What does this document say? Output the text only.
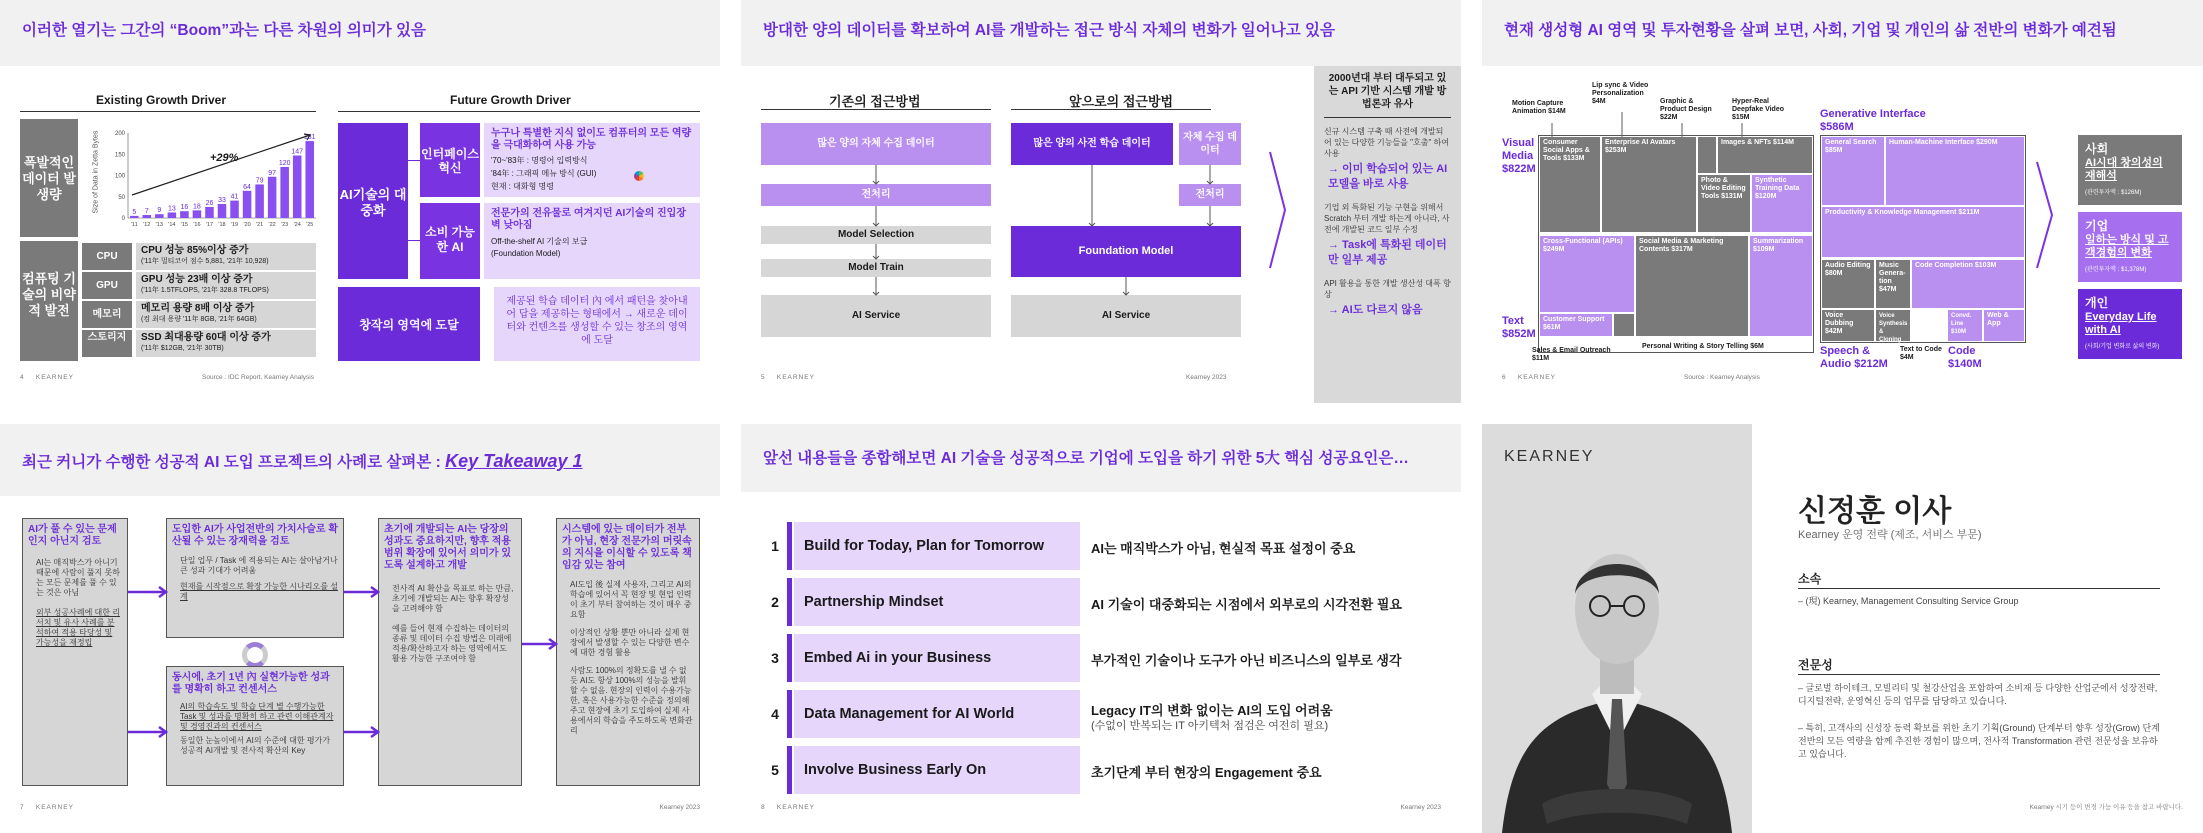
이러한 열기는 그간의 “Boom”과는 다른 차원의 의미가 있음
Existing Growth Driver	Future Growth Driver
폭발적인 데이터 발생량
컴퓨팅 기술의 비약적 발전
Size of Data in Zetta Bytes
0
50
100
150
200
5
'11
7
'12
9
'13
13
'14
16
'15
18
'16
26
'17
33
'18
41
'19
64
'20
79
'21
97
'22
120
'23
147
'24
181
'25
+29%
CPU
CPU 성능 85%이상 증가
('11年 멀티코어 점수 5,881, '21年 10,928)
GPU
GPU 성능 23배 이상 증가
('11年 1.5TFLOPS, '21年 328.8 TFLOPS)
메모리
메모리 용량 8배 이상 증가
(컴 최대 용량 '11年 8GB, '21年 64GB)
스토리지	SSD 최대용량 60대 이상 증가
('11年 $12GB, '21年 30TB)
AI기술의 대중화
인터페이스 혁신
누구나 특별한 지식 없이도 컴퓨터의 모든 역량을 극대화하여 사용 가능
'70~'83年 : 명령어 입력방식
'84年 : 그래픽 메뉴 방식 (GUI)
현재 : 대화형 명령
소비 가능한 AI
전문가의 전유물로 여겨지던 AI기술의 진입장벽 낮아짐
Off-the-shelf AI 기술의 보급
(Foundation Model)
창작의 영역에 도달
제공된 학습 데이터 內 에서 패턴을 찾아내어 답을 제공하는 형태에서 → 새로운 데이터와 컨텐츠를 생성할 수 있는 창조의 영역에 도달
4 KEARNEY	Source : IDC Report, Kearney Analysis
방대한 양의 데이터를 확보하여 AI를 개발하는 접근 방식 자체의 변화가 일어나고 있음
기존의 접근방법	앞으로의 접근방법
많은 양의 자체 수집 데이터
전처리
Model Selection
Model Train
AI Service
많은 양의 사전 학습 데이터
자체 수집 데이터
전처리
Foundation Model
AI Service
2000년대 부터 대두되고 있는 API 기반 시스템 개발 방법론과 유사
신규 시스템 구축 때 사전에 개발되어 있는 다양한 기능들을 "호출" 하여 사용
→ 이미 학습되어 있는 AI모델을 바로 사용
기업 외 특화된 기능 구현을 위해서 Scratch 부터 개발 하는게 아니라, 사전에 개발된 코드 일부 수정
→ Task에 특화된 데이터만 일부 제공
API 활용을 통한 개발 생산성 대폭 향상
→ AI도 다르지 않음
5 KEARNEY	Kearney 2023
현재 생성형 AI 영역 및 투자현황을 살펴 보면, 사회, 기업 및 개인의 삶 전반의 변화가 예견됨
Visual Media $822M
Text $852M
Generative Interface $586M
Speech & Audio $212M
Code $140M
Motion Capture Animation $14M
Lip sync & Video Personalization $4M	Graphic & Product Design $22M
Hyper-Real Deepfake Video $15M
Consumer Social Apps & Tools $133M
Enterprise AI Avatars $253M
Images & NFTs $114M
Photo & Video Editing Tools $131M
Synthetic Training Data $120M
Cross-Functional (APIs) $249M
Social Media & Marketing Contents $317M
Summarization $109M
Customer Support $61M
Personal Writing & Story Telling $6M
Sales & Email Outreach $11M
General Search $85M
Human-Machine Interface $290M
Productivity & Knowledge Management $211M
Audio Editing $80M
Music Genera-tion $47M
Code Completion $103M
Voice Dubbing $42M
Voice Synthesis & Cloning $43M
Convd. Line $10M
Web & App
Text to Code $4M
사회
AI시대 창의성의 재해석
(관련투자액 : $126M)
기업
일하는 방식 및 고객경험의 변화
(관련투자액 : $1,378M)
개인
Everyday Life with AI
(사회/기업 변화로 삶의 변화)
6 KEARNEY	Source : Kearney Analysis
최근 커니가 수행한 성공적 AI 도입 프로젝트의 사례로 살펴본 : Key Takeaway 1
AI가 풀 수 있는 문제인지 아닌지 검토
AI는 매직박스가 아니기 때문에 사람이 풀지 못하는 모든 문제를 풀 수 있는 것은 아님
외부 성공사례에 대한 리서치 및 유사 사례를 분석하여 적용 타당성 및 가능성을 재정립
도입한 AI가 사업전반의 가치사슬로 확산될 수 있는 장재력을 검토
단일 업무 / Task 에 적용되는 AI는 살아남거나 큰 성과 기대가 어려움
현재를 시작점으로 확장 가능한 시나리오를 설계
동시에, 초기 1년 內 실현가능한 성과를 명확히 하고 컨센서스
AI의 학습속도 및 학습 단계 별 수행가능한 Task 및 성과를 명확히 하고 관련 이해관계자 및 경영진과의 컨센서스
동일한 눈높이에서 AI의 수준에 대한 평가가 성공적 AI개발 및 전사적 확산의 Key
초기에 개발되는 AI는 당장의 성과도 중요하지만, 향후 적용범위 확장에 있어서 의미가 있도록 설계하고 개발
전사적 AI 확산을 목표로 하는 만큼, 초기에 개발되는 AI는 향후 확장성을 고려해야 함
예를 들어 현재 수집하는 데이터의 종류 및 데이터 수집 방법은 미래에 적용/확산하고자 하는 영역에서도 활용 가능한 구조여야 함
시스템에 있는 데이터가 전부가 아님, 현장 전문가의 머릿속의 지식을 이식할 수 있도록 책임감 있는 참여
AI도입 後 실제 사용자, 그리고 AI의 학습에 있어서 꼭 현장 및 현업 인력이 초기 부터 참여하는 것이 매우 중요함
이상적인 상황 뿐만 아니라 실제 현장에서 발생할 수 있는 다양한 변수에 대한 경험 활용
사람도 100%의 정확도를 낼 수 없듯 AI도 항상 100%의 성능을 발휘할 수 없음. 현장의 인력이 수용가능한, 혹은 사용가능한 수준을 정의해 주고 현장에 초기 도입하여 실제 사용에서의 학습을 주도하도록 변화관리
7 KEARNEY	Kearney 2023
앞선 내용들을 종합해보면 AI 기술을 성공적으로 기업에 도입을 하기 위한 5大 핵심 성공요인은…
1	Build for Today, Plan for Tomorrow	AI는 매직박스가 아님, 현실적 목표 설정이 중요
2	Partnership Mindset	AI 기술이 대중화되는 시점에서 외부로의 시각전환 필요
3	Embed Ai in your Business	부가적인 기술이나 도구가 아닌 비즈니스의 일부로 생각
4	Data Management for AI World	Legacy IT의 변화 없이는 AI의 도입 어려움
(수없이 반복되는 IT 아키텍처 점검은 여전히 필요)
5	Involve Business Early On	초기단계 부터 현장의 Engagement 중요
8 KEARNEY	Kearney 2023
KEARNEY
신정훈 이사
Kearney 운영 전략 (제조, 서비스 부문)
소속
– (現) Kearney, Management Consulting Service Group
전문성
– 글로벌 하이테크, 모빌리티 및 철강산업을 포함하여 소비재 등 다양한 산업군에서 성장전략, 디지털전략, 운영혁신 등의 업무를 담당하고 있습니다.
– 특히, 고객사의 신성장 동력 확보를 위한 초기 기획(Ground) 단계부터 향후 성장(Grow) 단계 전반의 모든 역량을 함께 추진한 경험이 많으며, 전사적 Transformation 관련 전문성을 보유하고 있습니다.
Kearney 시기 등이 변경 가능 이유 등을 참고 바랍니다.
